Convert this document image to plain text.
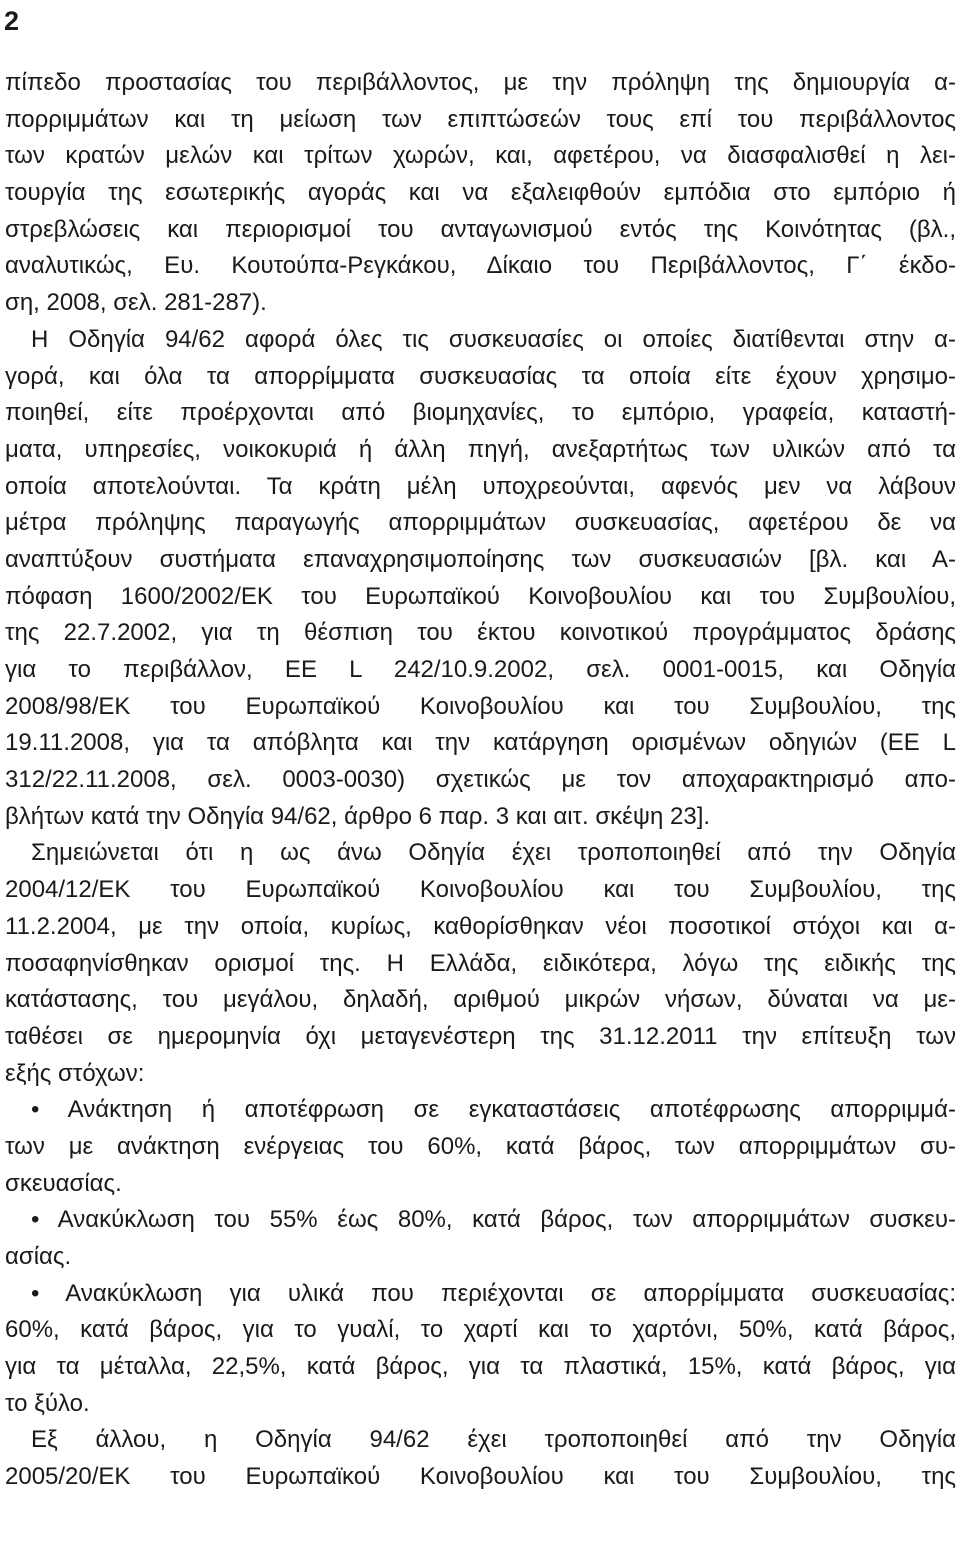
2

πίπεδο προστασίας του περιβάλλοντος, με την πρόληψη της δημιουργία α-
πορριμμάτων και τη μείωση των επιπτώσεών τους επί του περιβάλλοντος
των κρατών μελών και τρίτων χωρών, και, αφετέρου, να διασφαλισθεί η λει-
τουργία της εσωτερικής αγοράς και να εξαλειφθούν εμπόδια στο εμπόριο ή
στρεβλώσεις και περιορισμοί του ανταγωνισμού εντός της Κοινότητας (βλ.,
αναλυτικώς, Ευ. Κουτούπα-Ρεγκάκου, Δίκαιο του Περιβάλλοντος, Γ΄ έκδο-
ση, 2008, σελ. 281-287).
Η Οδηγία 94/62 αφορά όλες τις συσκευασίες οι οποίες διατίθενται στην α-
γορά, και όλα τα απορρίμματα συσκευασίας τα οποία είτε έχουν χρησιμο-
ποιηθεί, είτε προέρχονται από βιομηχανίες, το εμπόριο, γραφεία, καταστή-
ματα, υπηρεσίες, νοικοκυριά ή άλλη πηγή, ανεξαρτήτως των υλικών από τα
οποία αποτελούνται. Τα κράτη μέλη υποχρεούνται, αφενός μεν να λάβουν
μέτρα πρόληψης παραγωγής απορριμμάτων συσκευασίας, αφετέρου δε να
αναπτύξουν συστήματα επαναχρησιμοποίησης των συσκευασιών [βλ. και Α-
πόφαση 1600/2002/ΕΚ του Ευρωπαϊκού Κοινοβουλίου και του Συμβουλίου,
της 22.7.2002, για τη θέσπιση του έκτου κοινοτικού προγράμματος δράσης
για το περιβάλλον, ΕΕ L 242/10.9.2002, σελ. 0001-0015, και Οδηγία
2008/98/ΕΚ του Ευρωπαϊκού Κοινοβουλίου και του Συμβουλίου, της
19.11.2008, για τα απόβλητα και την κατάργηση ορισμένων οδηγιών (ΕΕ L
312/22.11.2008, σελ. 0003-0030) σχετικώς με τον αποχαρακτηρισμό απο-
βλήτων κατά την Οδηγία 94/62, άρθρο 6 παρ. 3 και αιτ. σκέψη 23].
Σημειώνεται ότι η ως άνω Οδηγία έχει τροποποιηθεί από την Οδηγία
2004/12/ΕΚ του Ευρωπαϊκού Κοινοβουλίου και του Συμβουλίου, της
11.2.2004, με την οποία, κυρίως, καθορίσθηκαν νέοι ποσοτικοί στόχοι και α-
ποσαφηνίσθηκαν ορισμοί της. Η Ελλάδα, ειδικότερα, λόγω της ειδικής της
κατάστασης, του μεγάλου, δηλαδή, αριθμού μικρών νήσων, δύναται να με-
ταθέσει σε ημερομηνία όχι μεταγενέστερη της 31.12.2011 την επίτευξη των
εξής στόχων:
• Ανάκτηση ή αποτέφρωση σε εγκαταστάσεις αποτέφρωσης απορριμμά-
των με ανάκτηση ενέργειας του 60%, κατά βάρος, των απορριμμάτων συ-
σκευασίας.
• Ανακύκλωση του 55% έως 80%, κατά βάρος, των απορριμμάτων συσκευ-
ασίας.
• Ανακύκλωση για υλικά που περιέχονται σε απορρίμματα συσκευασίας:
60%, κατά βάρος, για το γυαλί, το χαρτί και το χαρτόνι, 50%, κατά βάρος,
για τα μέταλλα, 22,5%, κατά βάρος, για τα πλαστικά, 15%, κατά βάρος, για
το ξύλο.
Εξ άλλου, η Οδηγία 94/62 έχει τροποποιηθεί από την Οδηγία
2005/20/ΕΚ του Ευρωπαϊκού Κοινοβουλίου και του Συμβουλίου, της
